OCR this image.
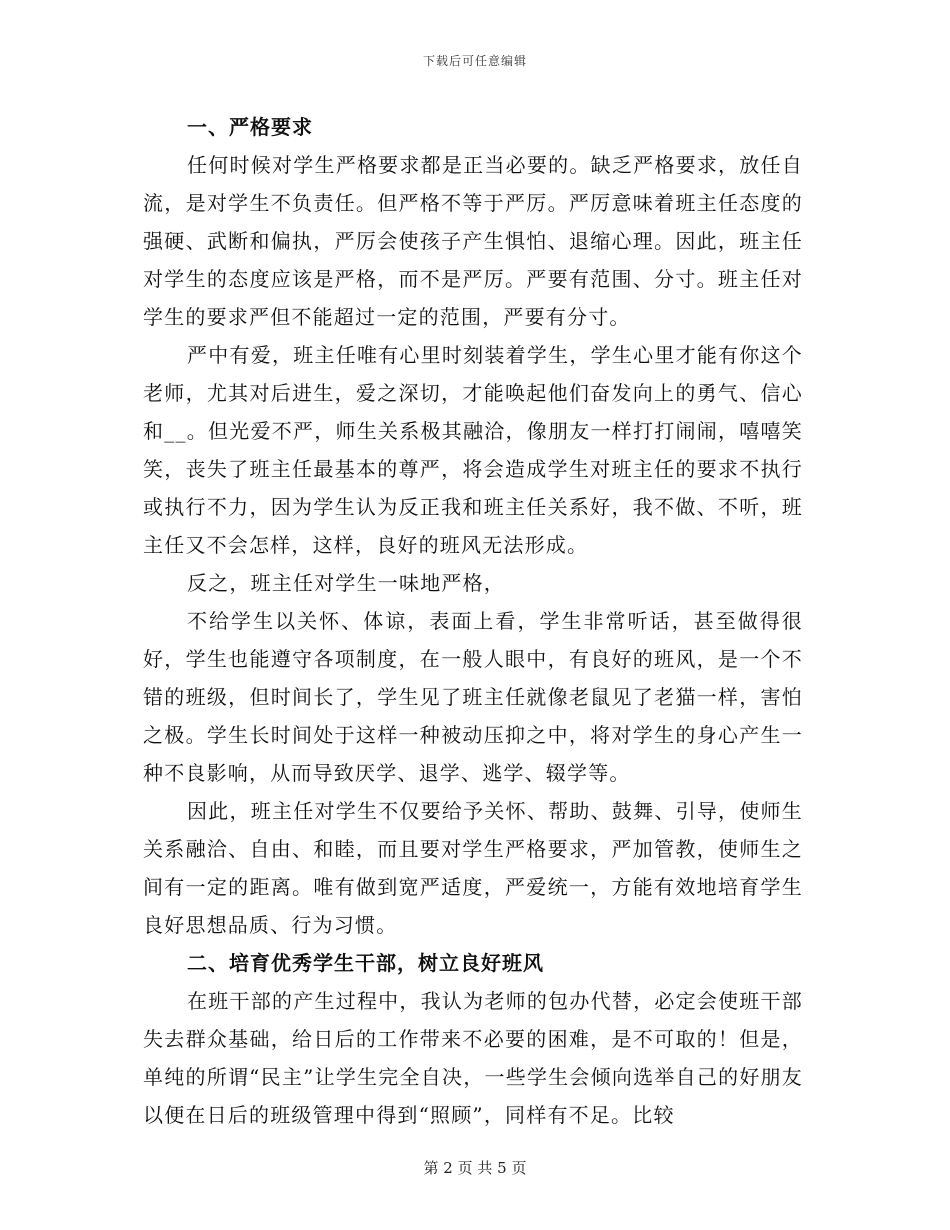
下载后可任意编辑

一、严格要求

任何时候对学生严格要求都是正当必要的。缺乏严格要求，放任自流，是对学生不负责任。但严格不等于严厉。严厉意味着班主任态度的强硬、武断和偏执，严厉会使孩子产生惧怕、退缩心理。因此，班主任对学生的态度应该是严格，而不是严厉。严要有范围、分寸。班主任对学生的要求严但不能超过一定的范围，严要有分寸。

严中有爱，班主任唯有心里时刻装着学生，学生心里才能有你这个老师，尤其对后进生，爱之深切，才能唤起他们奋发向上的勇气、信心和__。但光爱不严，师生关系极其融洽，像朋友一样打打闹闹，嘻嘻笑笑，丧失了班主任最基本的尊严，将会造成学生对班主任的要求不执行或执行不力，因为学生认为反正我和班主任关系好，我不做、不听，班主任又不会怎样，这样，良好的班风无法形成。

反之，班主任对学生一味地严格，

不给学生以关怀、体谅，表面上看，学生非常听话，甚至做得很好，学生也能遵守各项制度，在一般人眼中，有良好的班风，是一个不错的班级，但时间长了，学生见了班主任就像老鼠见了老猫一样，害怕之极。学生长时间处于这样一种被动压抑之中，将对学生的身心产生一种不良影响，从而导致厌学、退学、逃学、辍学等。

因此，班主任对学生不仅要给予关怀、帮助、鼓舞、引导，使师生关系融洽、自由、和睦，而且要对学生严格要求，严加管教，使师生之间有一定的距离。唯有做到宽严适度，严爱统一，方能有效地培育学生良好思想品质、行为习惯。

二、培育优秀学生干部，树立良好班风

在班干部的产生过程中，我认为老师的包办代替，必定会使班干部失去群众基础，给日后的工作带来不必要的困难，是不可取的！但是，单纯的所谓“民主”让学生完全自决，一些学生会倾向选举自己的好朋友以便在日后的班级管理中得到“照顾”，同样有不足。比较

第 2 页 共 5 页
